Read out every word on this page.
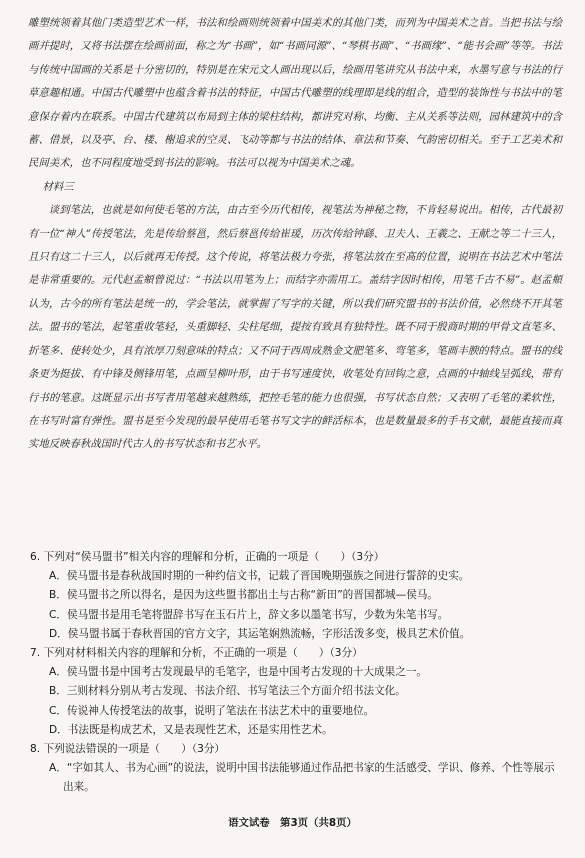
雕塑统领着其他门类造型艺术一样，书法和绘画则统领着中国美术的其他门类，而列为中国美术之首。当把书法与绘画并提时，又将书法摆在绘画前面，称之为“书画”，如“书画同源”、“琴棋书画”、“书画缘”、“能书会画”等等。书法与传统中国画的关系是十分密切的，特别是在宋元文人画出现以后，绘画用笔讲究从书法中来，水墨写意与书法的行草意趣相通。中国古代雕塑中也蕴含着书法的特征，中国古代雕塑的线理即是线的组合，造型的装饰性与书法中的笔意保存着内在联系。中国古代建筑以布局到主体的梁柱结构，都讲究对称、均衡、主从关系等法则，园林建筑中的含蓄、借景，以及亭、台、楼、榭追求的空灵、飞动等都与书法的结体、章法和节奏、气韵密切相关。至于工艺美术和民间美术，也不同程度地受到书法的影响。书法可以视为中国美术之魂。

材料三

谈到笔法，也就是如何使毛笔的方法，由古至今历代相传，视笔法为神秘之物，不肯轻易说出。相传，古代最初有一位“神人”传授笔法，先是传给蔡邕，然后蔡邕传给崔瑗，历次传给钟繇、卫夫人、王羲之、王献之等二十三人，且只有这二十三人，以后就再无传授。这个传说，将笔法极力夸张，将笔法放在至高的位置，说明在书法艺术中笔法是非常重要的。元代赵孟頫曾说过：“书法以用笔为上；而结字亦需用工。盖结字因时相传，用笔千古不易”。赵孟頫认为，古今的所有笔法是统一的，学会笔法，就掌握了写字的关键，所以我们研究盟书的书法价值，必然绕不开其笔法。盟书的笔法，起笔重收笔轻，头重脚轻、尖柱尾细，提按有致具有独特性。既不同于殷商时期的甲骨文直笔多、折笔多、使转处少，具有浓厚刀刻意味的特点；又不同于西周成熟金文肥笔多、弯笔多，笔画丰腴的特点。盟书的线条更为挺拔、有中锋及侧锋用笔，点画呈柳叶形，由于书写速度快，收笔处有回钩之意，点画的中轴线呈弧线，带有行书的笔意。这既显示出书写者用笔越来越熟练，把控毛笔的能力也很强，书写状态自然；又表明了毛笔的柔软性，在书写时富有弹性。盟书是至今发现的最早使用毛笔书写文字的鲜活标本，也是数量最多的手书文献，最能直接而真实地反映春秋战国时代古人的书写状态和书艺水平。

6. 下列对“侯马盟书”相关内容的理解和分析，正确的一项是（　　）（3分）

A．侯马盟书是春秋战国时期的一种约信文书，记载了晋国晚期强族之间进行誓辞的史实。

B．侯马盟书之所以得名，是因为这些盟书都出土与古称“新田”的晋国都城—侯马。

C．侯马盟书是用毛笔将盟辞书写在玉石片上，辞文多以墨笔书写，少数为朱笔书写。

D．侯马盟书属于春秋晋国的官方文字，其运笔娴熟流畅，字形活泼多变，极具艺术价值。

7. 下列对材料相关内容的理解和分析，不正确的一项是（　　）（3分）

A．侯马盟书是中国考古发现最早的毛笔字，也是中国考古发现的十大成果之一。

B．三则材料分别从考古发现、书法介绍、书写笔法三个方面介绍书法文化。

C．传说神人传授笔法的故事，说明了笔法在书法艺术中的重要地位。

D．书法既是构成艺术，又是表现性艺术，还是实用性艺术。

8. 下列说法错误的一项是（　　）（3分）

A．“字如其人、书为心画”的说法，说明中国书法能够通过作品把书家的生活感受、学识、修养、个性等展示出来。

语文试卷　第3页（共8页）
